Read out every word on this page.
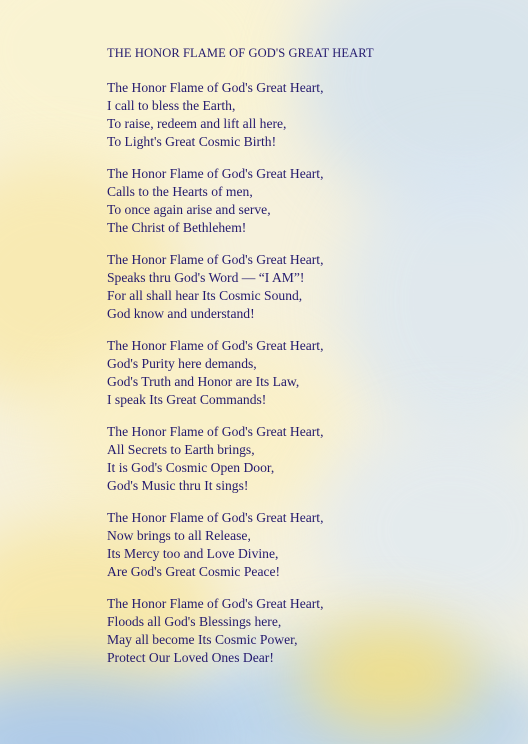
THE HONOR FLAME OF GOD'S GREAT HEART
The Honor Flame of God's Great Heart,
I call to bless the Earth,
To raise, redeem and lift all here,
To Light's Great Cosmic Birth!
The Honor Flame of God's Great Heart,
Calls to the Hearts of men,
To once again arise and serve,
The Christ of Bethlehem!
The Honor Flame of God's Great Heart,
Speaks thru God's Word — “I AM”!
For all shall hear Its Cosmic Sound,
God know and understand!
The Honor Flame of God's Great Heart,
God's Purity here demands,
God's Truth and Honor are Its Law,
I speak Its Great Commands!
The Honor Flame of God's Great Heart,
All Secrets to Earth brings,
It is God's Cosmic Open Door,
God's Music thru It sings!
The Honor Flame of God's Great Heart,
Now brings to all Release,
Its Mercy too and Love Divine,
Are God's Great Cosmic Peace!
The Honor Flame of God's Great Heart,
Floods all God's Blessings here,
May all become Its Cosmic Power,
Protect Our Loved Ones Dear!
